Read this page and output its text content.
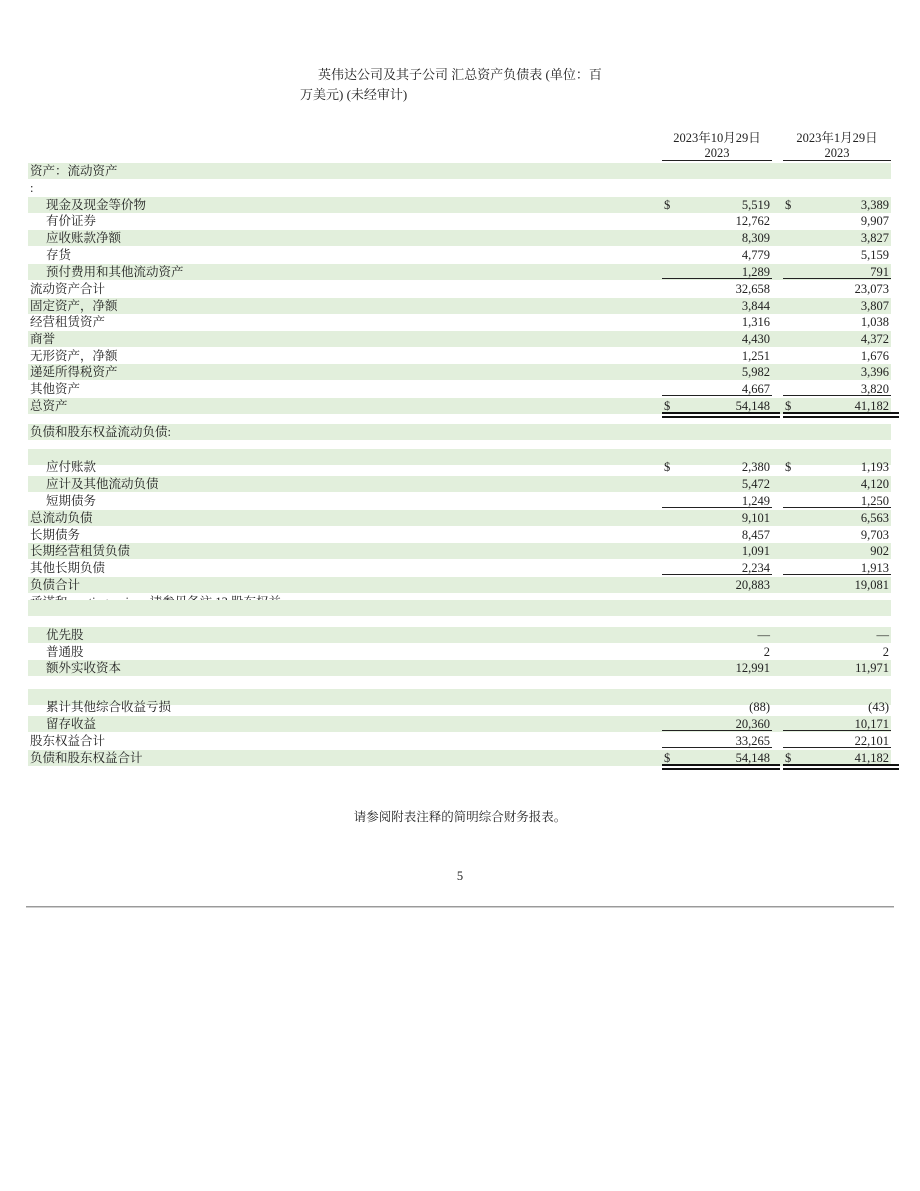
英伟达公司及其子公司 汇总资产负债表 (单位：百
万美元) (未经审计)
2023年10月29日
2023
2023年1月29日
2023
资产：流动资产
:
现金及现金等价物	$	5,519 $	3,389
有价证券	12,762	9,907
应收账款净额	8,309	3,827
存货	4,779	5,159
预付费用和其他流动资产	1,289	791
流动资产合计	32,658	23,073
固定资产，净额	3,844	3,807
经营租赁资产	1,316	1,038
商誉	4,430	4,372
无形资产，净额	1,251	1,676
递延所得税资产	5,982	3,396
其他资产	4,667	3,820
总资产	$	54,148 $	41,182
负债和股东权益流动负债:
应付账款	$	2,380 $	1,193
应计及其他流动负债	5,472	4,120
短期债务	1,249	1,250
总流动负债	9,101	6,563
长期债务	8,457	9,703
长期经营租赁负债	1,091	902
其他长期负债	2,234	1,913
负债合计	20,883	19,081
优先股	—	—
普通股	2	2
额外实收资本	12,991	11,971
累计其他综合收益亏损	(88)	(43)
留存收益	20,360	10,171
股东权益合计	33,265	22,101
负债和股东权益合计	$	54,148 $	41,182
请参阅附表注释的简明综合财务报表。
5
